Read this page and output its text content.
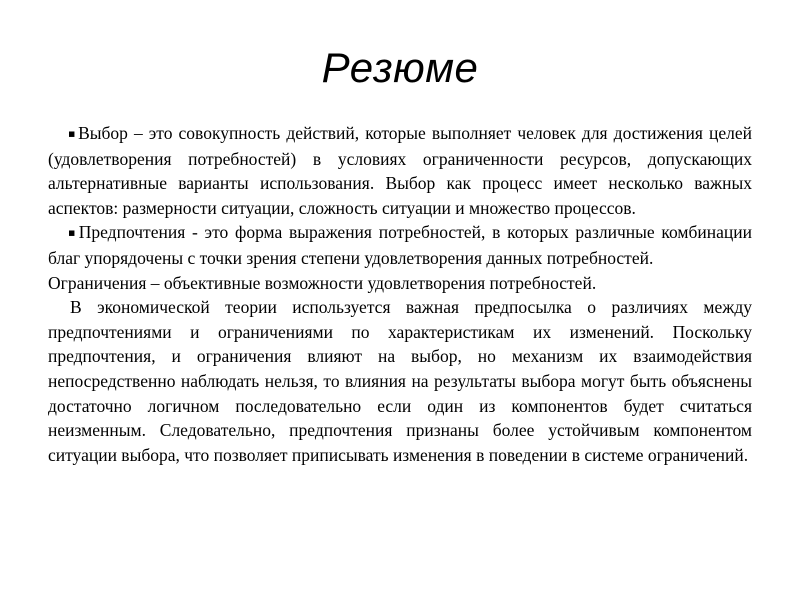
Резюме

▪ Выбор – это совокупность действий, которые выполняет человек для достижения целей (удовлетворения потребностей) в условиях ограниченности ресурсов, допускающих альтернативные варианты использования. Выбор как процесс имеет несколько важных аспектов: размерности ситуации, сложность ситуации и множество процессов.

▪ Предпочтения - это форма выражения потребностей, в которых различные комбинации благ упорядочены с точки зрения степени удовлетворения данных потребностей.

Ограничения – объективные возможности удовлетворения потребностей.

В экономической теории используется важная предпосылка о различиях между предпочтениями и ограничениями по характеристикам их изменений. Поскольку предпочтения, и ограничения влияют на выбор, но механизм их взаимодействия непосредственно наблюдать нельзя, то влияния на результаты выбора могут быть объяснены достаточно логичном последовательно если один из компонентов будет считаться неизменным. Следовательно, предпочтения признаны более устойчивым компонентом ситуации выбора, что позволяет приписывать изменения в поведении в системе ограничений.
